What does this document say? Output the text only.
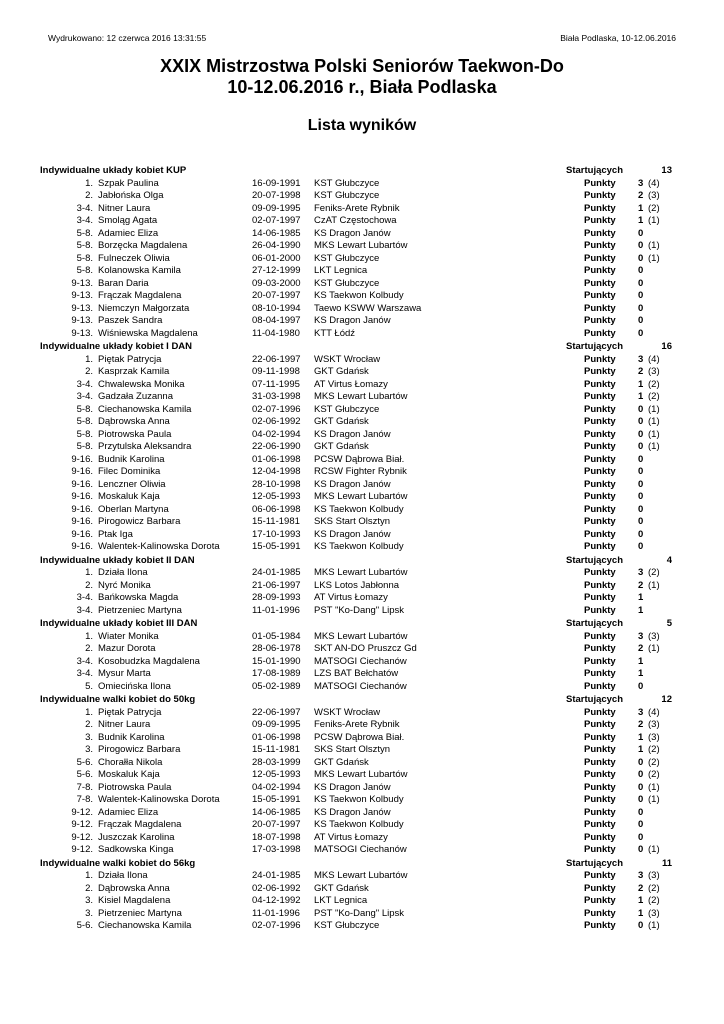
Wydrukowano: 12 czerwca 2016 13:31:55	Biała Podlaska, 10-12.06.2016
XXIX Mistrzostwa Polski Seniorów Taekwon-Do
10-12.06.2016 r., Biała Podlaska
Lista wyników
Indywidualne układy kobiet KUP	Startujących	13
1. Szpak Paulina	16-09-1991 KST Głubczyce	Punkty 3 (4)
2. Jabłońska Olga	20-07-1998 KST Głubczyce	Punkty 2 (3)
3-4. Nitner Laura	09-09-1995 Feniks-Arete Rybnik	Punkty 1 (2)
3-4. Smoląg Agata	02-07-1997 CzAT Częstochowa	Punkty 1 (1)
5-8. Adamiec Eliza	14-06-1985 KS Dragon Janów	Punkty 0
5-8. Borzęcka Magdalena	26-04-1990 MKS Lewart Lubartów	Punkty 0 (1)
5-8. Fulneczek Oliwia	06-01-2000 KST Głubczyce	Punkty 0 (1)
5-8. Kolanowska Kamila	27-12-1999 LKT Legnica	Punkty 0
9-13. Baran Daria	09-03-2000 KST Głubczyce	Punkty 0
9-13. Frączak Magdalena	20-07-1997 KS Taekwon Kolbudy	Punkty 0
9-13. Niemczyn Małgorzata	08-10-1994 Taewo KSWW Warszawa	Punkty 0
9-13. Paszek Sandra	08-04-1997 KS Dragon Janów	Punkty 0
9-13. Wiśniewska Magdalena	11-04-1980 KTT Łódź	Punkty 0
Indywidualne układy kobiet I DAN	Startujących	16
1. Piętak Patrycja	22-06-1997 WSKT Wrocław	Punkty 3 (4)
2. Kasprzak Kamila	09-11-1998 GKT Gdańsk	Punkty 2 (3)
3-4. Chwalewska Monika	07-11-1995 AT Virtus Łomazy	Punkty 1 (2)
3-4. Gadzała Zuzanna	31-03-1998 MKS Lewart Lubartów	Punkty 1 (2)
5-8. Ciechanowska Kamila	02-07-1996 KST Głubczyce	Punkty 0 (1)
5-8. Dąbrowska Anna	02-06-1992 GKT Gdańsk	Punkty 0 (1)
5-8. Piotrowska Paula	04-02-1994 KS Dragon Janów	Punkty 0 (1)
5-8. Przytulska Aleksandra	22-06-1990 GKT Gdańsk	Punkty 0 (1)
9-16. Budnik Karolina	01-06-1998 PCSW Dąbrowa Biał.	Punkty 0
9-16. Filec Dominika	12-04-1998 RCSW Fighter Rybnik	Punkty 0
9-16. Lenczner Oliwia	28-10-1998 KS Dragon Janów	Punkty 0
9-16. Moskaluk Kaja	12-05-1993 MKS Lewart Lubartów	Punkty 0
9-16. Oberlan Martyna	06-06-1998 KS Taekwon Kolbudy	Punkty 0
9-16. Pirogowicz Barbara	15-11-1981 SKS Start Olsztyn	Punkty 0
9-16. Ptak Iga	17-10-1993 KS Dragon Janów	Punkty 0
9-16. Walentek-Kalinowska Dorota	15-05-1991 KS Taekwon Kolbudy	Punkty 0
Indywidualne układy kobiet II DAN	Startujących	4
1. Działa Ilona	24-01-1985 MKS Lewart Lubartów	Punkty 3 (2)
2. Nyrć Monika	21-06-1997 LKS Lotos Jabłonna	Punkty 2 (1)
3-4. Bańkowska Magda	28-09-1993 AT Virtus Łomazy	Punkty 1
3-4. Pietrzeniec Martyna	11-01-1996 PST "Ko-Dang" Lipsk	Punkty 1
Indywidualne układy kobiet III DAN	Startujących	5
1. Wiater Monika	01-05-1984 MKS Lewart Lubartów	Punkty 3 (3)
2. Mazur Dorota	28-06-1978 SKT AN-DO Pruszcz Gd	Punkty 2 (1)
3-4. Kosobudzka Magdalena	15-01-1990 MATSOGI Ciechanów	Punkty 1
3-4. Mysur Marta	17-08-1989 LZS BAT Bełchatów	Punkty 1
5. Omiecińska Ilona	05-02-1989 MATSOGI Ciechanów	Punkty 0
Indywidualne walki kobiet do 50kg	Startujących	12
1. Piętak Patrycja	22-06-1997 WSKT Wrocław	Punkty 3 (4)
2. Nitner Laura	09-09-1995 Feniks-Arete Rybnik	Punkty 2 (3)
3. Budnik Karolina	01-06-1998 PCSW Dąbrowa Biał.	Punkty 1 (3)
3. Pirogowicz Barbara	15-11-1981 SKS Start Olsztyn	Punkty 1 (2)
5-6. Chorałła Nikola	28-03-1999 GKT Gdańsk	Punkty 0 (2)
5-6. Moskaluk Kaja	12-05-1993 MKS Lewart Lubartów	Punkty 0 (2)
7-8. Piotrowska Paula	04-02-1994 KS Dragon Janów	Punkty 0 (1)
7-8. Walentek-Kalinowska Dorota	15-05-1991 KS Taekwon Kolbudy	Punkty 0 (1)
9-12. Adamiec Eliza	14-06-1985 KS Dragon Janów	Punkty 0
9-12. Frączak Magdalena	20-07-1997 KS Taekwon Kolbudy	Punkty 0
9-12. Juszczak Karolina	18-07-1998 AT Virtus Łomazy	Punkty 0
9-12. Sadkowska Kinga	17-03-1998 MATSOGI Ciechanów	Punkty 0 (1)
Indywidualne walki kobiet do 56kg	Startujących	11
1. Działa Ilona	24-01-1985 MKS Lewart Lubartów	Punkty 3 (3)
2. Dąbrowska Anna	02-06-1992 GKT Gdańsk	Punkty 2 (2)
3. Kisiel Magdalena	04-12-1992 LKT Legnica	Punkty 1 (2)
3. Pietrzeniec Martyna	11-01-1996 PST "Ko-Dang" Lipsk	Punkty 1 (3)
5-6. Ciechanowska Kamila	02-07-1996 KST Głubczyce	Punkty 0 (1)
